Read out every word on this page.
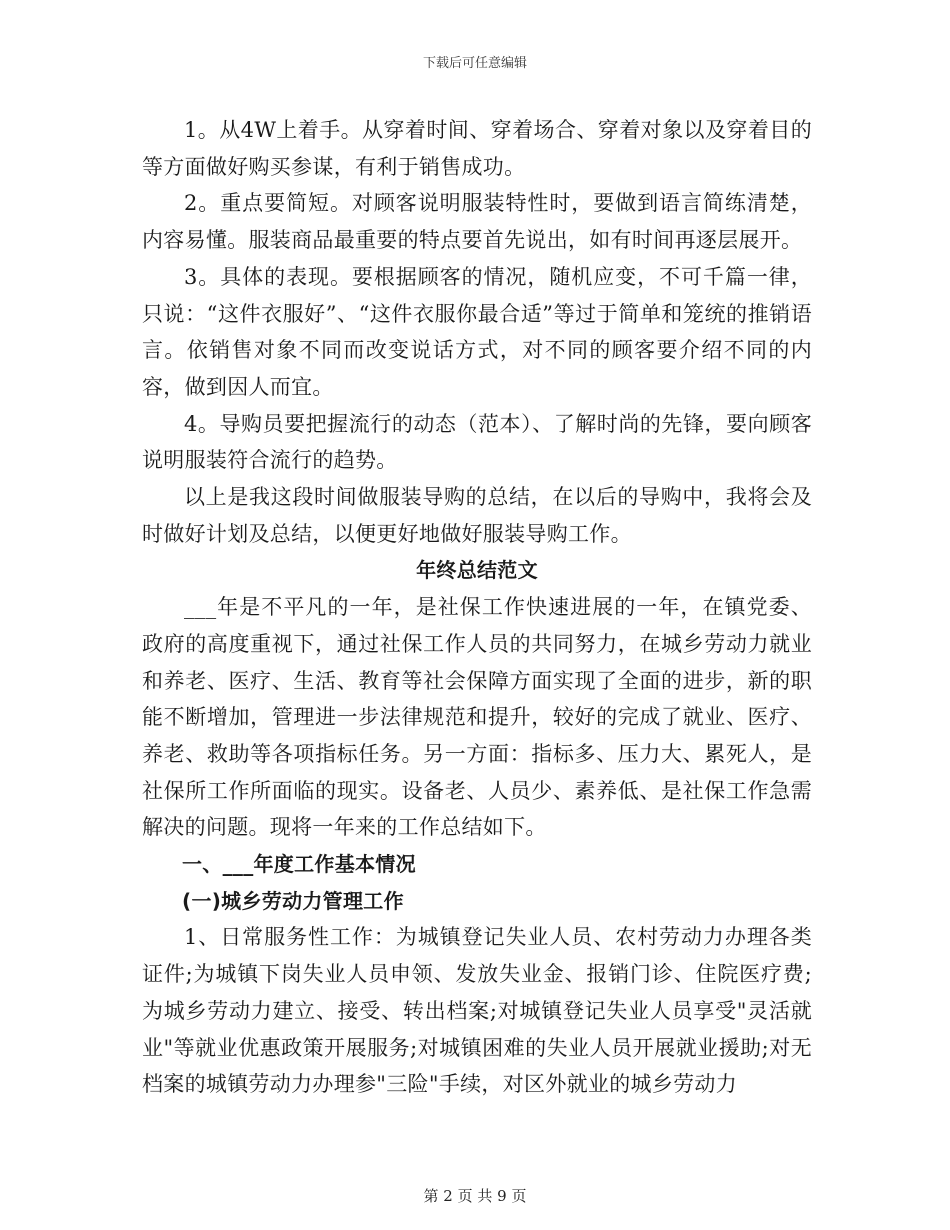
下载后可任意编辑

1。从4W上着手。从穿着时间、穿着场合、穿着对象以及穿着目的等方面做好购买参谋，有利于销售成功。

2。重点要简短。对顾客说明服装特性时，要做到语言简练清楚，内容易懂。服装商品最重要的特点要首先说出，如有时间再逐层展开。

3。具体的表现。要根据顾客的情况，随机应变，不可千篇一律，只说：“这件衣服好”、“这件衣服你最合适”等过于简单和笼统的推销语言。依销售对象不同而改变说话方式，对不同的顾客要介绍不同的内容，做到因人而宜。

4。导购员要把握流行的动态（范本）、了解时尚的先锋，要向顾客说明服装符合流行的趋势。

以上是我这段时间做服装导购的总结，在以后的导购中，我将会及时做好计划及总结，以便更好地做好服装导购工作。

年终总结范文

___年是不平凡的一年，是社保工作快速进展的一年，在镇党委、政府的高度重视下，通过社保工作人员的共同努力，在城乡劳动力就业和养老、医疗、生活、教育等社会保障方面实现了全面的进步，新的职能不断增加，管理进一步法律规范和提升，较好的完成了就业、医疗、养老、救助等各项指标任务。另一方面：指标多、压力大、累死人，是社保所工作所面临的现实。设备老、人员少、素养低、是社保工作急需解决的问题。现将一年来的工作总结如下。

一、___年度工作基本情况

(一)城乡劳动力管理工作

1、日常服务性工作：为城镇登记失业人员、农村劳动力办理各类证件;为城镇下岗失业人员申领、发放失业金、报销门诊、住院医疗费;为城乡劳动力建立、接受、转出档案;对城镇登记失业人员享受"灵活就业"等就业优惠政策开展服务;对城镇困难的失业人员开展就业援助;对无档案的城镇劳动力办理参"三险"手续，对区外就业的城乡劳动力

第 2 页 共 9 页
